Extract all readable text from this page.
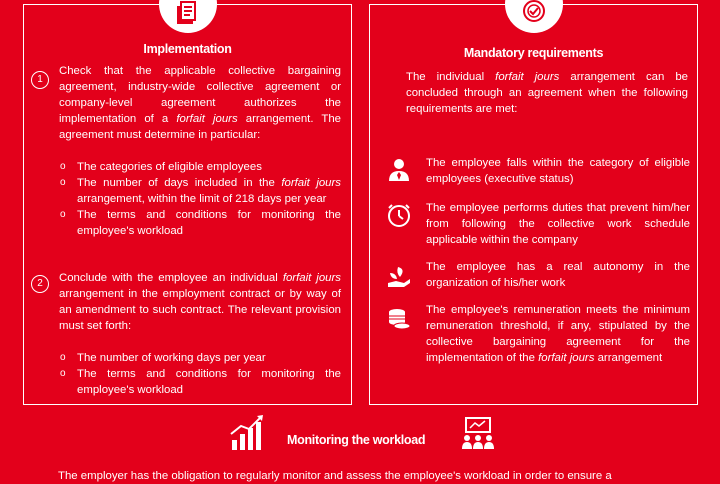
Implementation
1
Check that the applicable collective bargaining agreement, industry-wide collective agreement or company-level agreement authorizes the implementation of a forfait jours arrangement. The agreement must determine in particular:
o The categories of eligible employees
o The number of days included in the forfait jours arrangement, within the limit of 218 days per year
o The terms and conditions for monitoring the employee's workload
2	Conclude with the employee an individual forfait jours arrangement in the employment contract or by way of an amendment to such contract. The relevant provision must set forth:
o The number of working days per year
o The terms and conditions for monitoring the employee's workload
Mandatory requirements
The individual forfait jours arrangement can be concluded through an agreement when the following requirements are met:
The employee falls within the category of eligible employees (executive status)
The employee performs duties that prevent him/her from following the collective work schedule applicable within the company
The employee has a real autonomy in the organization of his/her work
The employee's remuneration meets the minimum remuneration threshold, if any, stipulated by the collective bargaining agreement for the implementation of the forfait jours arrangement
Monitoring the workload
The employer has the obligation to regularly monitor and assess the employee's workload in order to ensure a
